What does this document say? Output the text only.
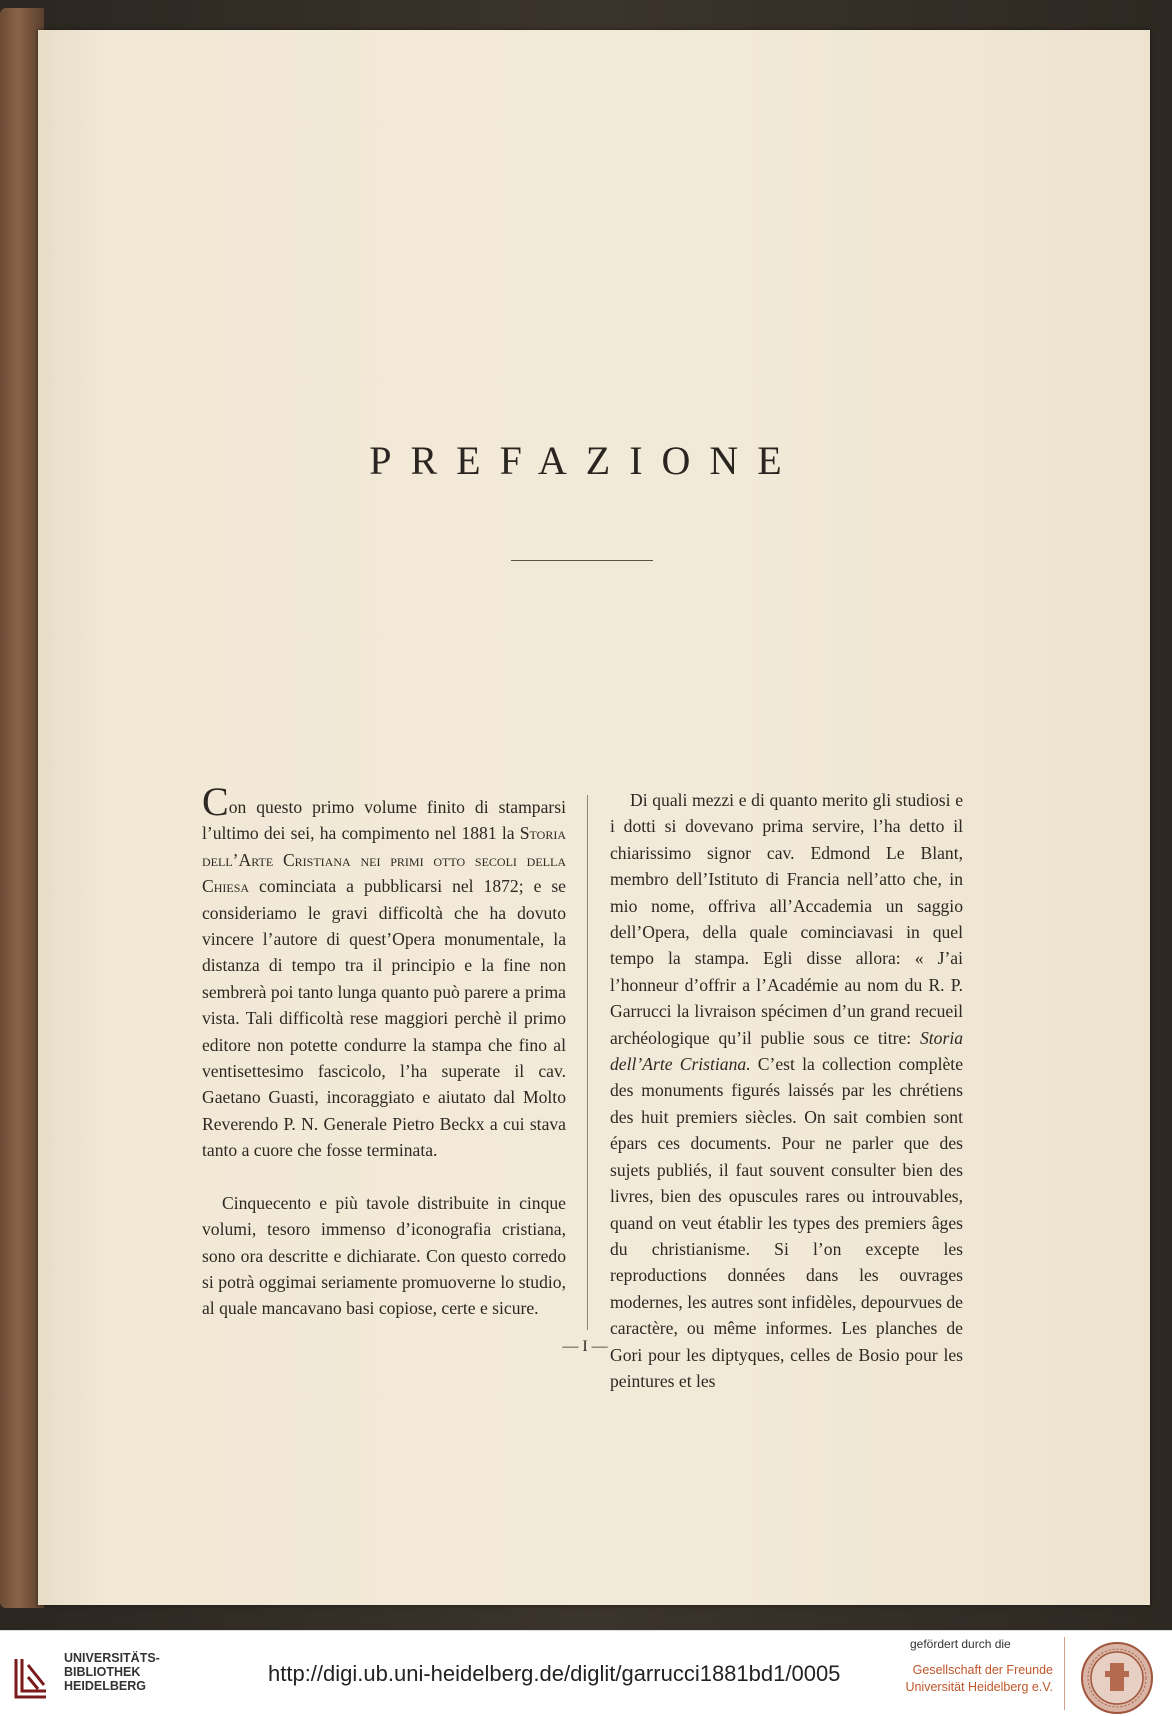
PREFAZIONE

Con questo primo volume finito di stamparsi l’ultimo dei sei, ha compimento nel 1881 la Storia dell’Arte Cristiana nei primi otto secoli della Chiesa cominciata a pubblicarsi nel 1872; e se consideriamo le gravi difficoltà che ha dovuto vincere l’autore di quest’Opera monumentale, la distanza di tempo tra il principio e la fine non sembrerà poi tanto lunga quanto può parere a prima vista. Tali difficoltà rese maggiori perchè il primo editore non potette condurre la stampa che fino al ventisettesimo fascicolo, l’ha superate il cav. Gaetano Guasti, incoraggiato e aiutato dal Molto Reverendo P. N. Generale Pietro Beckx a cui stava tanto a cuore che fosse terminata.

Cinquecento e più tavole distribuite in cinque volumi, tesoro immenso d’iconografia cristiana, sono ora descritte e dichiarate. Con questo corredo si potrà oggimai seriamente promuoverne lo studio, al quale mancavano basi copiose, certe e sicure.

Di quali mezzi e di quanto merito gli studiosi e i dotti si dovevano prima servire, l’ha detto il chiarissimo signor cav. Edmond Le Blant, membro dell’Istituto di Francia nell’atto che, in mio nome, offriva all’Accademia un saggio dell’Opera, della quale cominciavasi in quel tempo la stampa. Egli disse allora: « J’ai l’honneur d’offrir a l’Académie au nom du R. P. Garrucci la livraison spécimen d’un grand recueil archéologique qu’il publie sous ce titre: Storia dell’Arte Cristiana. C’est la collection complète des monuments figurés laissés par les chrétiens des huit premiers siècles. On sait combien sont épars ces documents. Pour ne parler que des sujets publiés, il faut souvent consulter bien des livres, bien des opuscules rares ou introuvables, quand on veut établir les types des premiers âges du christianisme. Si l’on excepte les reproductions données dans les ouvrages modernes, les autres sont infidèles, depourvues de caractère, ou même informes. Les planches de Gori pour les diptyques, celles de Bosio pour les peintures et les

— I —
UNIVERSITÄTS-
BIBLIOTHEK
HEIDELBERG	http://digi.ub.uni-heidelberg.de/diglit/garrucci1881bd1/0005
gefördert durch die
Gesellschaft der Freunde
Universität Heidelberg e.V.
